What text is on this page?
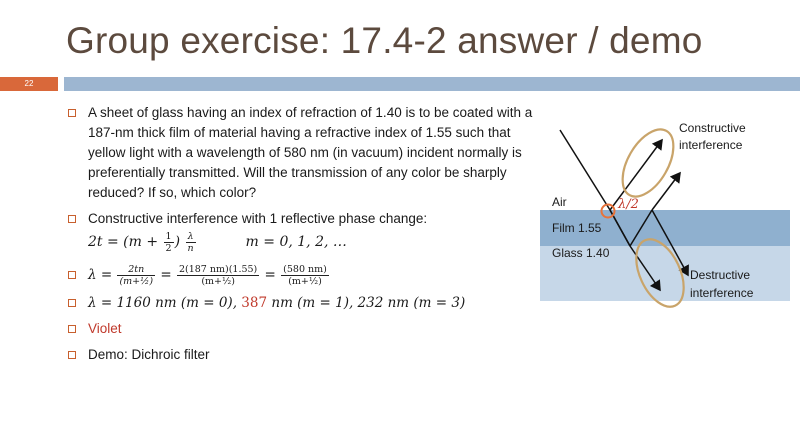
Group exercise: 17.4-2 answer / demo
22
A sheet of glass having an index of refraction of 1.40 is to be coated with a 187-nm thick film of material having a refractive index of 1.55 such that yellow light with a wavelength of 580 nm (in vacuum) incident normally is preferentially transmitted. Will the transmission of any color be sharply reduced? If so, which color?
Constructive interference with 1 reflective phase change:
$2t = (m + \frac{1}{2}$ ) $\frac{\lambda}{n}$	m = 0, 1, 2, …
$\lambda = \frac{2tn}{\text{(m+½)}} = \frac{2(187 nm)(1.55)}{\text{(m+½)}} = \frac{(580 nm)}{\text{(m+½)}}$
λ = 1160 nm (m = 0), 387 nm (m = 1), 232 nm (m = 3)
Violet
Demo: Dichroic filter
Air
Film 1.55
Glass 1.40
λ/2
Constructive
interference
Destructive
interference
